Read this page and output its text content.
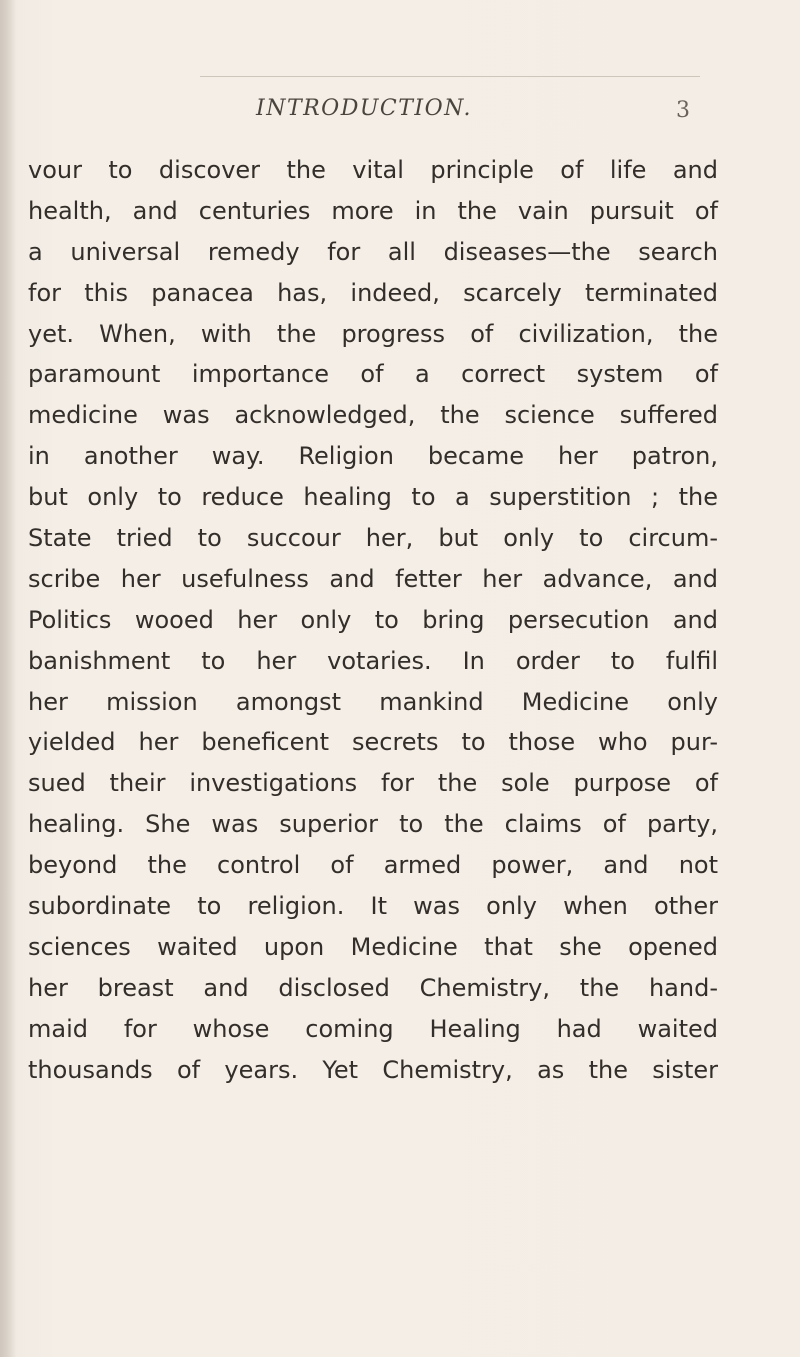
INTRODUCTION.	3
vour to discover the vital principle of life and
health, and centuries more in the vain pursuit of
a universal remedy for all diseases—the search
for this panacea has, indeed, scarcely terminated
yet. When, with the progress of civilization, the
paramount importance of a correct system of
medicine was acknowledged, the science suffered
in another way. Religion became her patron,
but only to reduce healing to a superstition ; the
State tried to succour her, but only to circum-
scribe her usefulness and fetter her advance, and
Politics wooed her only to bring persecution and
banishment to her votaries. In order to fulfil
her mission amongst mankind Medicine only
yielded her beneficent secrets to those who pur-
sued their investigations for the sole purpose of
healing. She was superior to the claims of party,
beyond the control of armed power, and not
subordinate to religion. It was only when other
sciences waited upon Medicine that she opened
her breast and disclosed Chemistry, the hand-
maid for whose coming Healing had waited
thousands of years. Yet Chemistry, as the sister
